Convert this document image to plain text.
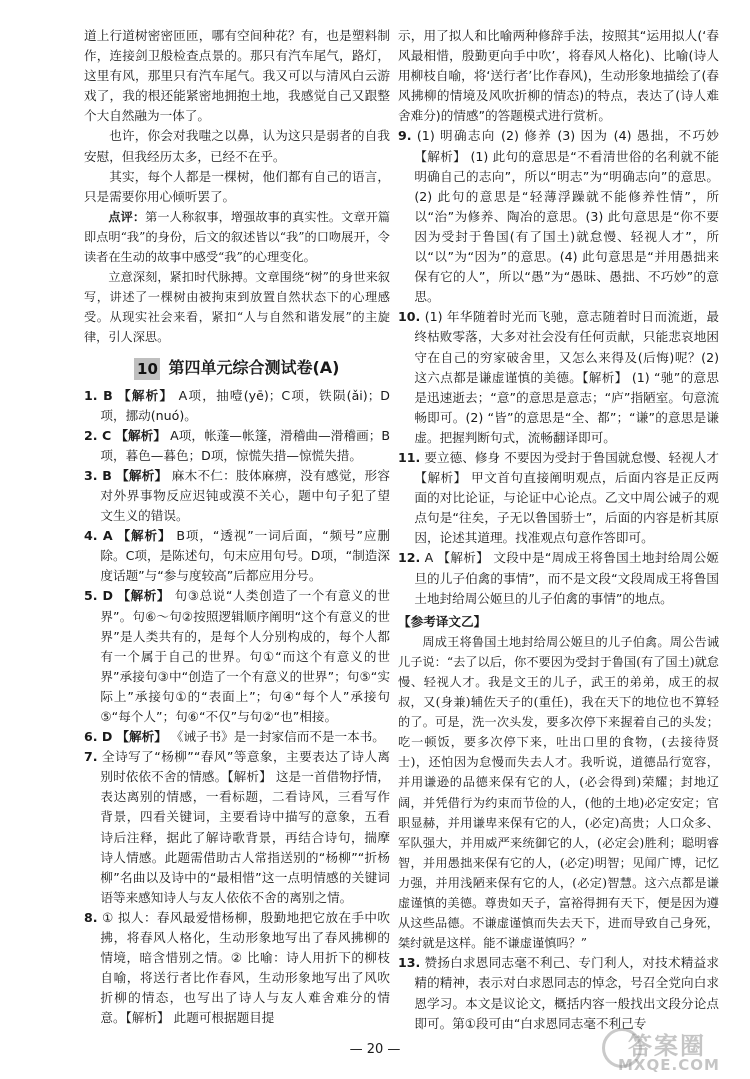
道上行道树密密匝匝，哪有空间种花？有，也是塑料制作，连接剑卫般检查点景的。那只有汽车尾气，路灯，这里有风，那里只有汽车尾气。我又可以与清风白云游戏了，我的根还能紧密地拥抱土地，我感觉自己又跟整个大自然融为一体了。

也许，你会对我嗤之以鼻，认为这只是弱者的自我安慰，但我经历太多，已经不在乎。

其实，每个人都是一棵树，他们都有自己的语言，只是需要你用心倾听罢了。

点评：第一人称叙事，增强故事的真实性。文章开篇即点明“我”的身份，后文的叙述皆以“我”的口吻展开，令读者在生动的故事中感受“我”的心理变化。

立意深刻，紧扣时代脉搏。文章围绕“树”的身世来叙写，讲述了一棵树由被拘束到放置自然状态下的心理感受。从现实社会来看，紧扣“人与自然和谐发展”的主旋律，引人深思。

10 第四单元综合测试卷(A)

1. B 【解析】 A项，抽噎(yē)；C项，铁陨(ǎi)；D项，挪动(nuó)。

2. C 【解析】 A项，帐蓬—帐篷，滑稽曲—滑稽画；B项，暮色—暮色；D项，惊慌失措—惊慌失措。

3. B 【解析】 麻木不仁：肢体麻痹，没有感觉，形容对外界事物反应迟钝或漠不关心，题中句子犯了望文生义的错误。

4. A 【解析】 B项，“透视”一词后面，“频号”应删除。C项，是陈述句，句末应用句号。D项，“制造深度话题”与“参与度较高”后都应用分号。

5. D 【解析】 句③总说“人类创造了一个有意义的世界”。句⑥～句②按照逻辑顺序阐明“这个有意义的世界”是人类共有的，是每个人分别构成的，每个人都有一个属于自己的世界。句①“而这个有意义的世界”承接句③中“创造了一个有意义的世界”；句⑤“实际上”承接句①的“表面上”；句④“每个人”承接句⑤“每个人”；句⑥“不仅”与句②“也”相接。

6. D 【解析】 《诫子书》是一封家信而不是一本书。

7. 全诗写了“杨柳”“春风”等意象，主要表达了诗人离别时依依不舍的情感。【解析】 这是一首借物抒情，表达离别的情感，一看标题，二看诗风，三看写作背景，四看关键词，主要看诗中描写的意象，五看诗后注释，据此了解诗歌背景，再结合诗句，揣摩诗人情感。此题需借助古人常指送别的“杨柳”“折杨柳”名曲以及诗中的“最相惜”这一点明情感的关键词语等来感知诗人与友人依依不舍的离别之情。

8. ① 拟人：春风最爱惜杨柳，殷勤地把它放在手中吹拂，将春风人格化，生动形象地写出了春风拂柳的情境，暗含惜别之情。② 比喻：诗人用折下的柳枝自喻，将送行者比作春风，生动形象地写出了风吹折柳的情态，也写出了诗人与友人难舍难分的情意。【解析】 此题可根据题目提

示，用了拟人和比喻两种修辞手法，按照其“运用拟人(‘春风最相惜，殷勤更向手中吹’，将春风人格化)、比喻(诗人用柳枝自喻，将‘送行者’比作春风)，生动形象地描绘了(春风拂柳的情境及风吹折柳的情态)的特点，表达了(诗人难舍难分)的情感”的答题模式进行赏析。

9. (1) 明确志向 (2) 修养 (3) 因为 (4) 愚拙，不巧妙 【解析】 (1) 此句的意思是“不看清世俗的名利就不能明确自己的志向”，所以“明志”为“明确志向”的意思。(2) 此句的意思是“轻薄浮躁就不能修养性情”，所以“治”为修养、陶冶的意思。(3) 此句意思是“你不要因为受封于鲁国(有了国土)就怠慢、轻视人才”，所以“以”为“因为”的意思。(4) 此句意思是“并用愚拙来保有它的人”，所以“愚”为“愚昧、愚拙、不巧妙”的意思。

10. (1) 年华随着时光而飞驰，意志随着时日而流逝，最终枯败零落，大多对社会没有任何贡献，只能悲哀地困守在自己的穷家破舍里，又怎么来得及(后悔)呢？(2) 这六点都是谦虚谨慎的美德。【解析】 (1) “驰”的意思是迅速逝去；“意”的意思是意志；“庐”指陋室。句意流畅即可。(2) “皆”的意思是“全、都”；“谦”的意思是谦虚。把握判断句式，流畅翻译即可。

11. 要立德、修身 不要因为受封于鲁国就怠慢、轻视人才 【解析】 甲文首句直接阐明观点，后面内容是正反两面的对比论证，与论证中心论点。乙文中周公诫子的观点句是“往矣，子无以鲁国骄士”，后面的内容是析其原因，论述其道理。找准观点句意作答即可。

12. A 【解析】 文段中是“周成王将鲁国土地封给周公姬旦的儿子伯禽的事情”，而不是文段“文段周成王将鲁国土地封给周公姬旦的儿子伯禽的事情”的地点。

【参考译文乙】

周成王将鲁国土地封给周公姬旦的儿子伯禽。周公告诫儿子说：“去了以后，你不要因为受封于鲁国(有了国土)就怠慢、轻视人才。我是文王的儿子，武王的弟弟，成王的叔叔，又(身兼)辅佐天子的(重任)，我在天下的地位也不算轻的了。可是，洗一次头发，要多次停下来握着自己的头发；吃一顿饭，要多次停下来，吐出口里的食物，(去接待贤士)，还怕因为怠慢而失去人才。我听说，道德品行宽容，并用谦逊的品德来保有它的人，(必会得到)荣耀；封地辽阔，并凭借行为约束而节俭的人，(他的土地)必定安定；官职显赫，并用谦卑来保有它的人，(必定)高贵；人口众多、军队强大，并用威严来统御它的人，(必定会)胜利；聪明睿智，并用愚拙来保有它的人，(必定)明智；见闻广博，记忆力强，并用浅陋来保有它的人，(必定)智慧。这六点都是谦虚谨慎的美德。尊贵如天子，富裕得拥有天下，便是因为遵从这些品德。不谦虚谨慎而失去天下，进而导致自己身死，桀纣就是这样。能不谦虚谨慎吗？”

13. 赞扬白求恩同志毫不利己、专门利人，对技术精益求精的精神，表示对白求恩同志的悼念，号召全党向白求恩学习。本文是议论文，概括内容一般找出文段分论点即可。第①段可由“白求恩同志毫不利己专

— 20 —	答案圈
MXQE.COM
